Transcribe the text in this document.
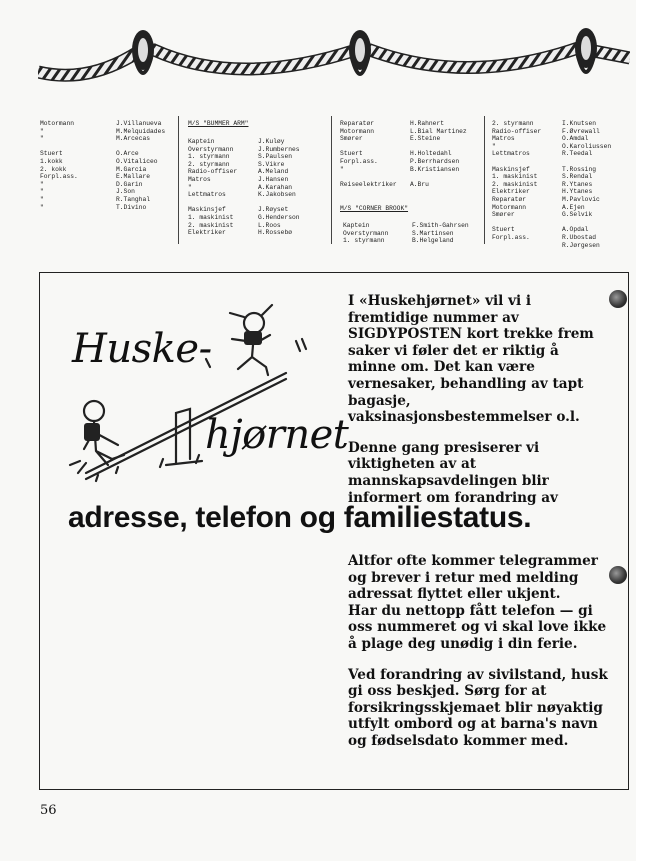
Motormann
"
"

Stuert
1.kokk
2. kokk
Forpl.ass.
"
"
"
"
J.Villanueva
M.Melquidades
M.Arcecas

O.Arce
O.Vitaliceo
M.Garcia
E.Mallare
D.Garin
J.Son
R.Tanghal
T.Divino
M/S "BUMMER ARM"
Kaptein
Overstyrmann
1. styrmann
2. styrmann
Radio-offiser
Matros
"
Lettmatros

Maskinsjef
1. maskinist
2. maskinist
Elektriker
J.Kuløy
J.Rumbernes
S.Paulsen
S.Vikre
A.Meland
J.Hansen
A.Karahan
K.Jakobsen

J.Røyset
G.Henderson
L.Roos
H.Rossebø
Reparatør
Motormann
Smører

Stuert
Forpl.ass.
"

Reiseelektriker
H.Rahnert
L.Bial Martinez
E.Steine

H.Holtedahl
P.Berrhardsen
B.Kristiansen

A.Bru
M/S "CORNER BROOK"
Kaptein
Overstyrmann
1. styrmann
F.Smith-Gahrsen
S.Martinsen
B.Helgeland
2. styrmann
Radio-offiser
Matros
"
Lettmatros

Maskinsjef
1. maskinist
2. maskinist
Elektriker
Reparatør
Motormann
Smører

Stuert
Forpl.ass.
I.Knutsen
F.Øvrewall
O.Amdal
O.Karoliussen
R.Teedal

T.Rossing
S.Rendal
R.Ytanes
H.Ytanes
M.Pavlovic
A.Ejen
G.Selvik

A.Opdal
R.Ubostad
R.Jørgesen
Huske-
hjørnet

I «Huskehjørnet» vil vi i fremtidige nummer av SIGDYPOSTEN kort trekke frem saker vi føler det er riktig å minne om. Det kan være vernesaker, behandling av tapt bagasje, vaksinasjonsbestemmelser o.l.

Denne gang presiserer vi viktigheten av at mannskapsavdelingen blir informert om forandring av

adresse, telefon og familiestatus.

Altfor ofte kommer telegrammer og brever i retur med melding adressat flyttet eller ukjent.

Har du nettopp fått telefon — gi oss nummeret og vi skal love ikke å plage deg unødig i din ferie.

Ved forandring av sivilstand, husk gi oss beskjed. Sørg for at forsikringsskjemaet blir nøyaktig utfylt ombord og at barna's navn og fødselsdato kommer med.

56
